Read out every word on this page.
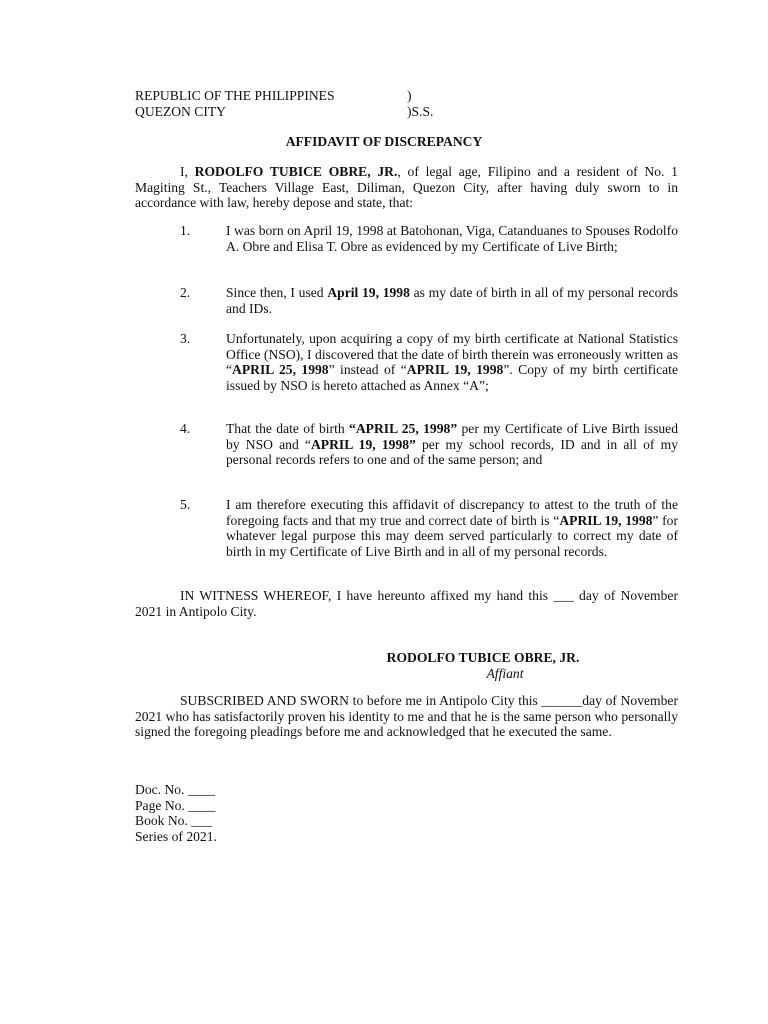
REPUBLIC OF THE PHILIPPINES	)
QUEZON CITY	)S.S.
AFFIDAVIT OF DISCREPANCY
I, RODOLFO TUBICE OBRE, JR., of legal age, Filipino and a resident of No. 1 Magiting St., Teachers Village East, Diliman, Quezon City, after having duly sworn to in accordance with law, hereby depose and state, that:
1.	I was born on April 19, 1998 at Batohonan, Viga, Catanduanes to Spouses Rodolfo A. Obre and Elisa T. Obre as evidenced by my Certificate of Live Birth;
2.	Since then, I used April 19, 1998 as my date of birth in all of my personal records and IDs.
3.	Unfortunately, upon acquiring a copy of my birth certificate at National Statistics Office (NSO), I discovered that the date of birth therein was erroneously written as “APRIL 25, 1998” instead of “APRIL 19, 1998”. Copy of my birth certificate issued by NSO is hereto attached as Annex “A”;
4.	That the date of birth “APRIL 25, 1998” per my Certificate of Live Birth issued by NSO and “APRIL 19, 1998” per my school records, ID and in all of my personal records refers to one and of the same person; and
5.	I am therefore executing this affidavit of discrepancy to attest to the truth of the foregoing facts and that my true and correct date of birth is “APRIL 19, 1998” for whatever legal purpose this may deem served particularly to correct my date of birth in my Certificate of Live Birth and in all of my personal records.
IN WITNESS WHEREOF, I have hereunto affixed my hand this ___ day of November 2021 in Antipolo City.
RODOLFO TUBICE OBRE, JR.
Affiant
SUBSCRIBED AND SWORN to before me in Antipolo City this ______day of November 2021 who has satisfactorily proven his identity to me and that he is the same person who personally signed the foregoing pleadings before me and acknowledged that he executed the same.
Doc. No. ____
Page No. ____
Book No. ___
Series of 2021.
